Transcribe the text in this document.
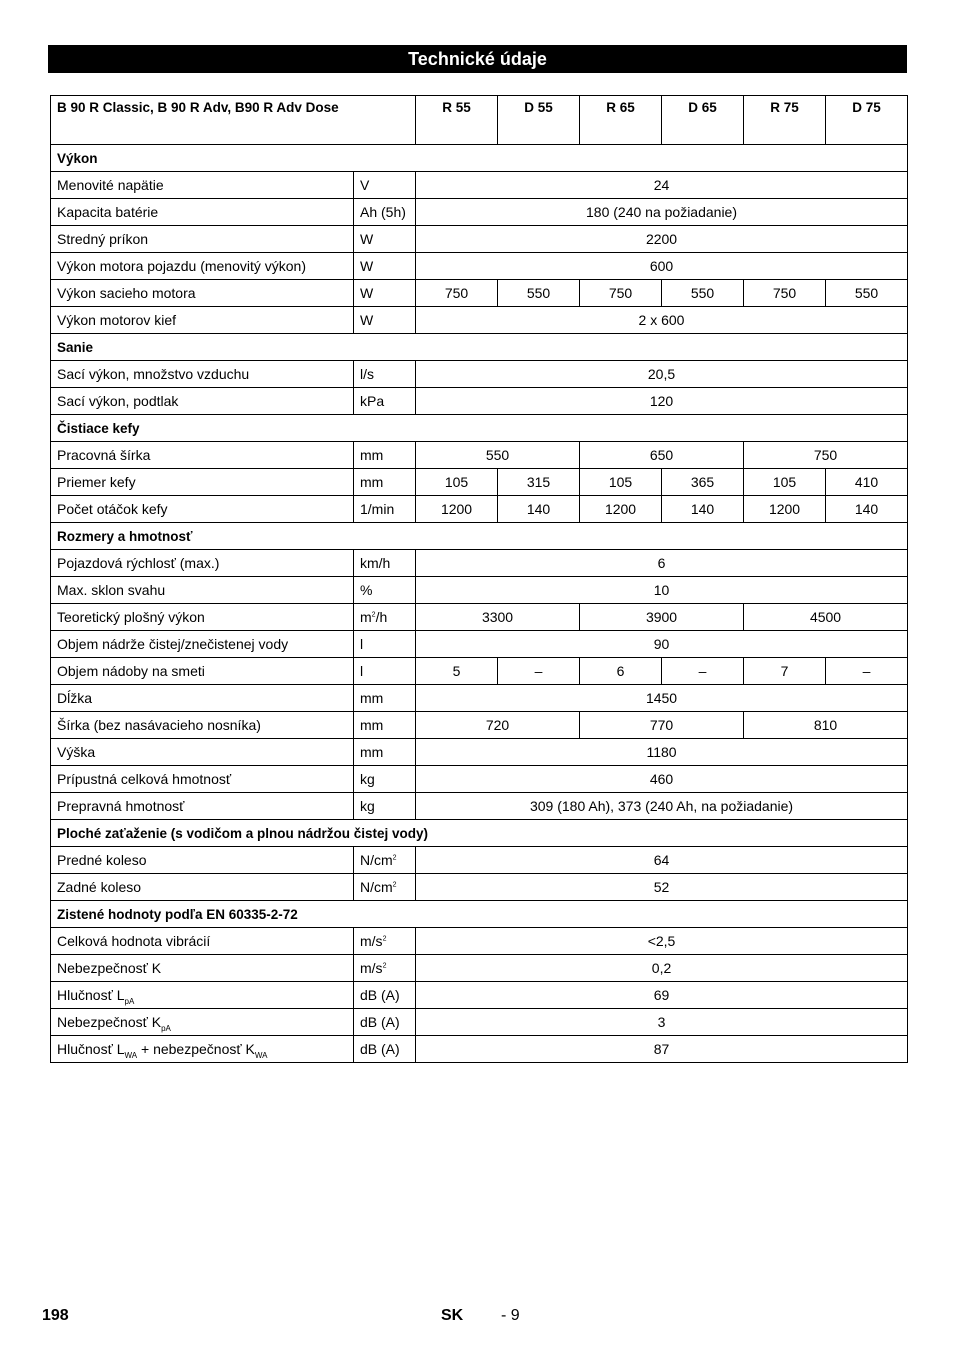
Technické údaje
B 90 R Classic, B 90 R Adv, B90 R Adv Dose		R 55	D 55	R 65	D 65	R 75	D 75
Výkon							
Menovité napätie	V	24					
Kapacita batérie	Ah (5h)	180 (240 na požiadanie)					
Stredný príkon	W	2200					
Výkon motora pojazdu (menovitý výkon)	W	600					
Výkon sacieho motora	W	750	550	750	550	750	550
Výkon motorov kief	W	2 x 600					
Sanie							
Sací výkon, množstvo vzduchu	l/s	20,5					
Sací výkon, podtlak	kPa	120					
Čistiace kefy							
Pracovná šírka	mm	550		650		750	
Priemer kefy	mm	105	315	105	365	105	410
Počet otáčok kefy	1/min	1200	140	1200	140	1200	140
Rozmery a hmotnosť							
Pojazdová rýchlosť (max.)	km/h	6					
Max. sklon svahu	%	10					
Teoretický plošný výkon	$m^2/h$	3300		3900		4500	
Objem nádrže čistej/znečistenej vody	l	90					
Objem nádoby na smeti	l	5	–	6	–	7	–
Dĺžka	mm	1450					
Šírka (bez nasávacieho nosníka)	mm	720		770		810	
Výška	mm	1180					
Prípustná celková hmotnosť	kg	460					
Prepravná hmotnosť	kg	309 (180 Ah), 373 (240 Ah, na požiadanie)					
Ploché zaťaženie (s vodičom a plnou nádržou čistej vody)							
Predné koleso	$N/cm^2$	64					
Zadné koleso	$N/cm^2$	52					
Zistené hodnoty podľa EN 60335-2-72							
Celková hodnota vibrácií	$m/s^2$	<2,5					
Nebezpečnosť K	$m/s^2$	0,2					
Hlučnosť $L_{pA}$	dB (A)	69					
Nebezpečnosť $K_{pA}$	dB (A)	3					
Hlučnosť $L_{WA}$ + nebezpečnosť $K_{WA}$	dB (A)	87					
198	SK - 9
